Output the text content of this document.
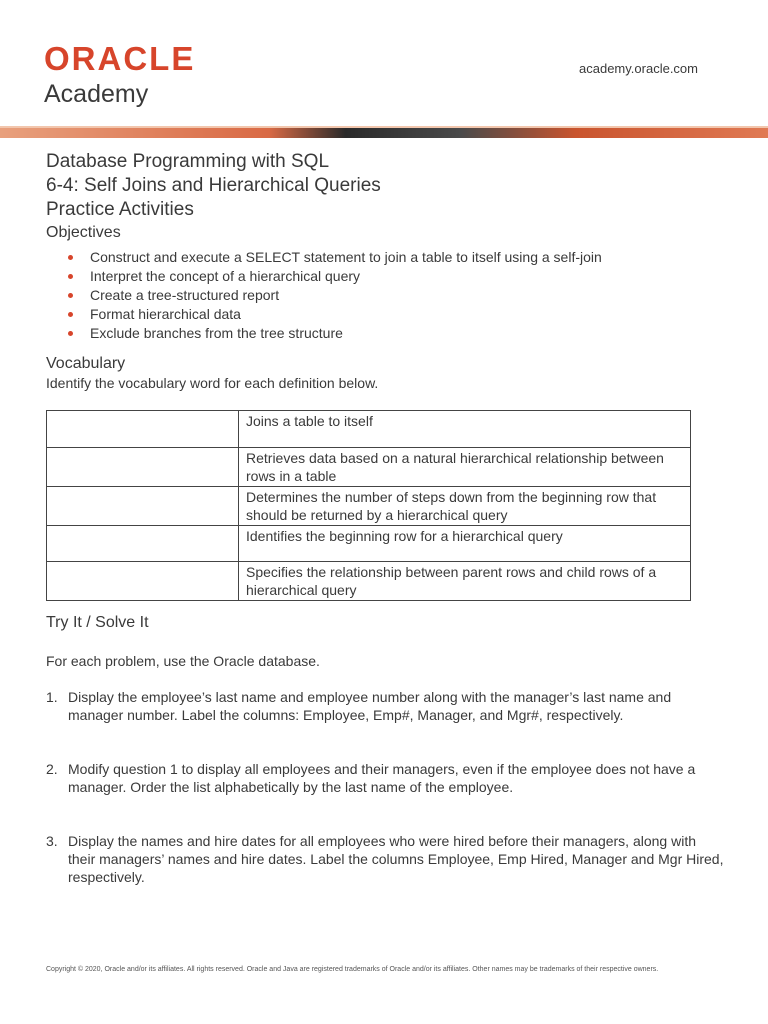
ORACLE
Academy
academy.oracle.com
Database Programming with SQL
6-4: Self Joins and Hierarchical Queries
Practice Activities
Objectives
Construct and execute a SELECT statement to join a table to itself using a self-join
Interpret the concept of a hierarchical query
Create a tree-structured report
Format hierarchical data
Exclude branches from the tree structure
Vocabulary
Identify the vocabulary word for each definition below.
	Joins a table to itself
	Retrieves data based on a natural hierarchical relationship between rows in a table
	Determines the number of steps down from the beginning row that should be returned by a hierarchical query
	Identifies the beginning row for a hierarchical query
	Specifies the relationship between parent rows and child rows of a hierarchical query
Try It / Solve It
For each problem, use the Oracle database.
1. Display the employee’s last name and employee number along with the manager’s last name and manager number. Label the columns: Employee, Emp#, Manager, and Mgr#, respectively.
2. Modify question 1 to display all employees and their managers, even if the employee does not have a manager. Order the list alphabetically by the last name of the employee.
3. Display the names and hire dates for all employees who were hired before their managers, along with their managers’ names and hire dates. Label the columns Employee, Emp Hired, Manager and Mgr Hired, respectively.
Copyright © 2020, Oracle and/or its affiliates. All rights reserved. Oracle and Java are registered trademarks of Oracle and/or its affiliates. Other names may be trademarks of their respective owners.
